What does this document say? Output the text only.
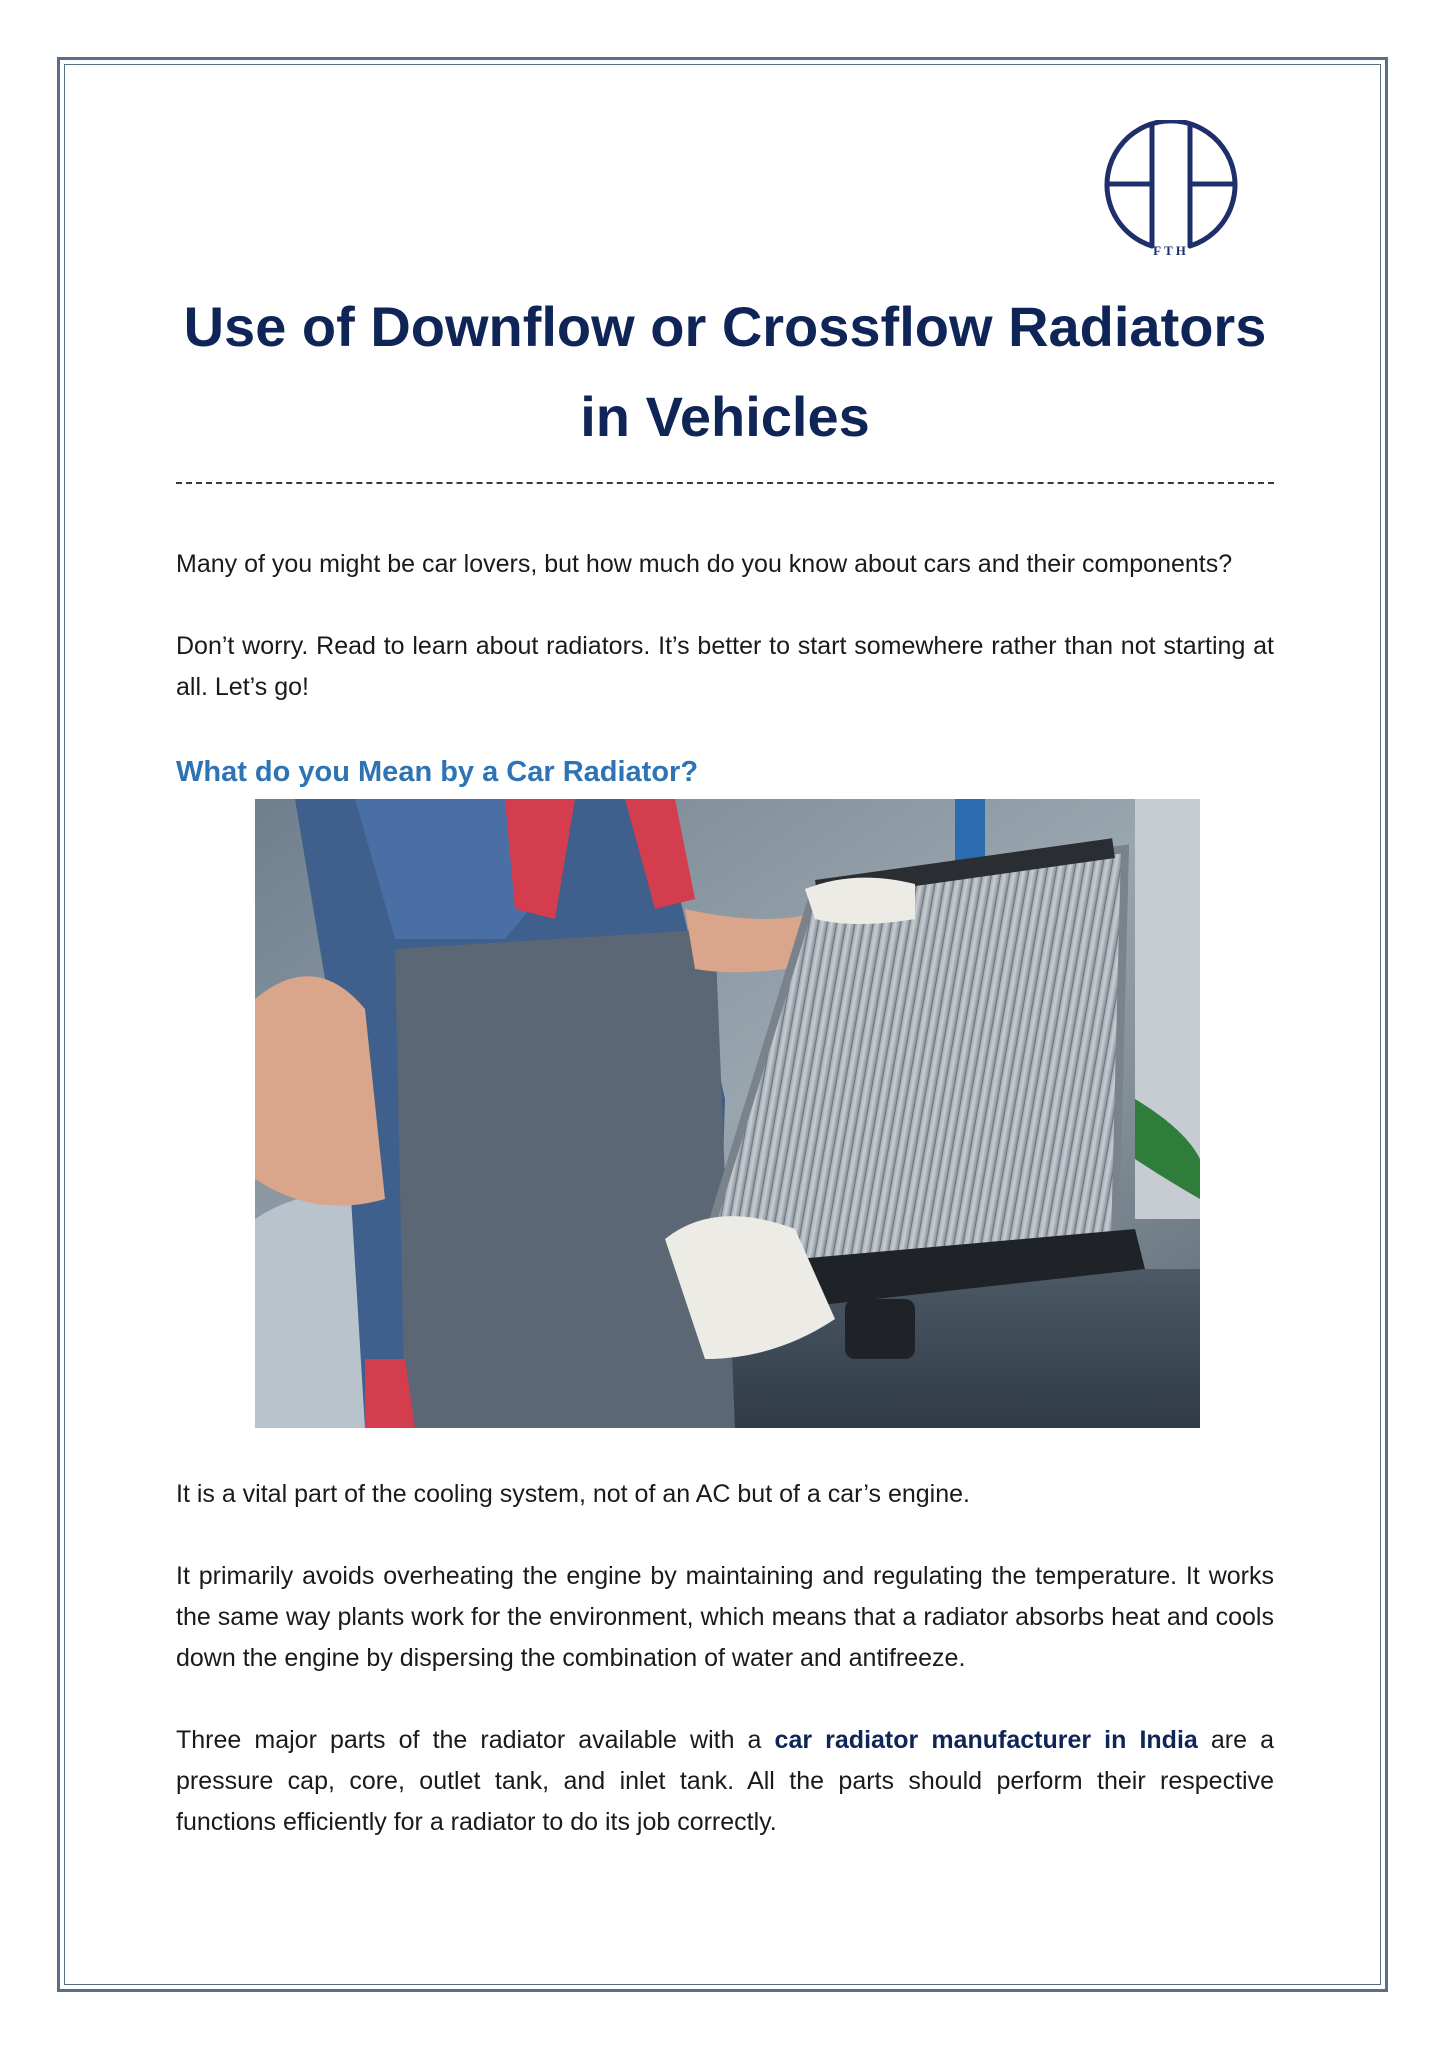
FTH
Use of Downflow or Crossflow Radiators
in Vehicles

Many of you might be car lovers, but how much do you know about cars and their components?

Don’t worry. Read to learn about radiators. It’s better to start somewhere rather than not starting at all. Let’s go!

What do you Mean by a Car Radiator?

It is a vital part of the cooling system, not of an AC but of a car’s engine.

It primarily avoids overheating the engine by maintaining and regulating the temperature. It works the same way plants work for the environment, which means that a radiator absorbs heat and cools down the engine by dispersing the combination of water and antifreeze.

Three major parts of the radiator available with a car radiator manufacturer in India are a pressure cap, core, outlet tank, and inlet tank. All the parts should perform their respective functions efficiently for a radiator to do its job correctly.
